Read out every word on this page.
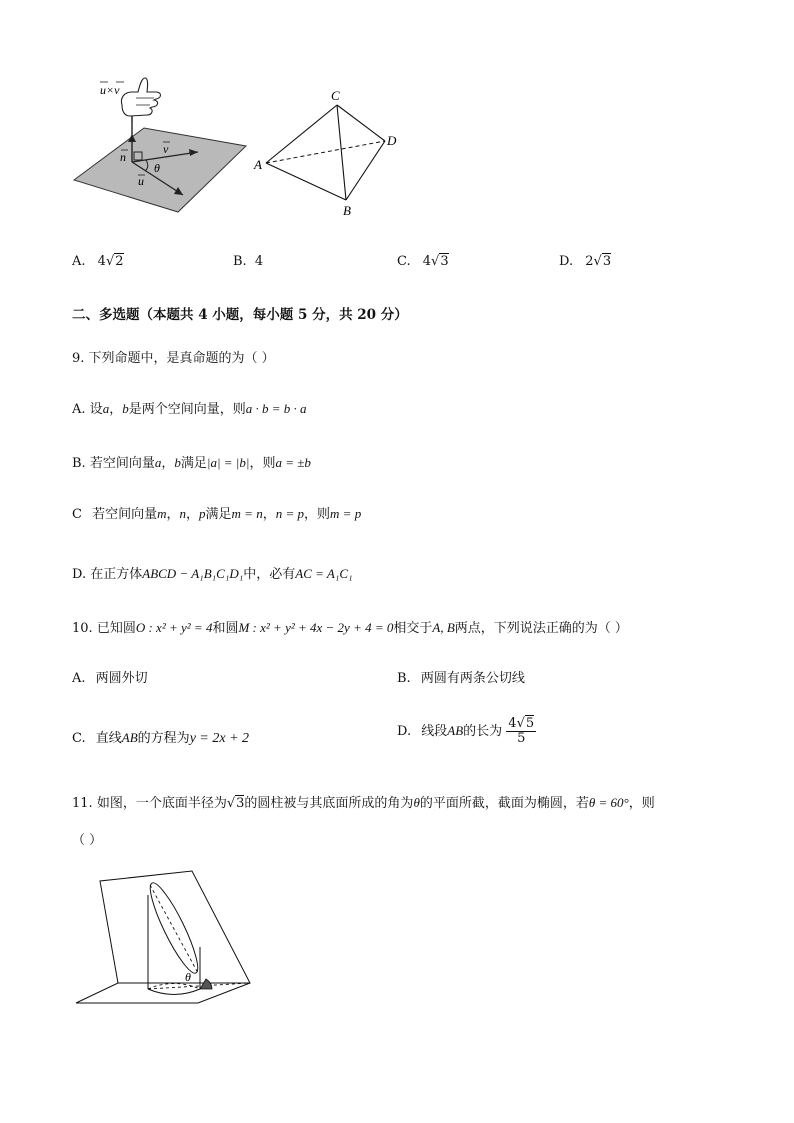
u×v
n
v
u
θ
C
D
A
B
A. 4√2	B. 4	C. 4√3	D. 2√3
二、多选题（本题共 4 小题，每小题 5 分，共 20 分）
9. 下列命题中，是真命题的为（ ）
A. 设a，b是两个空间向量，则a · b = b · a
B. 若空间向量a，b满足|a| = |b|，则a = ±b
C 若空间向量m，n，p满足m = n，n = p，则m = p
D. 在正方体ABCD − A₁B₁C₁D₁中，必有AC = A₁C₁
10. 已知圆O : x² + y² = 4和圆M : x² + y² + 4x − 2y + 4 = 0相交于A, B两点，下列说法正确的为（ ）
A. 两圆外切	B. 两圆有两条公切线
C. 直线AB的方程为y = 2x + 2	D. 线段AB的长为 $\frac{4√5}{5}$
11. 如图，一个底面半径为√3的圆柱被与其底面所成的角为θ的平面所截，截面为椭圆，若θ = 60°，则
（ ）
θ
